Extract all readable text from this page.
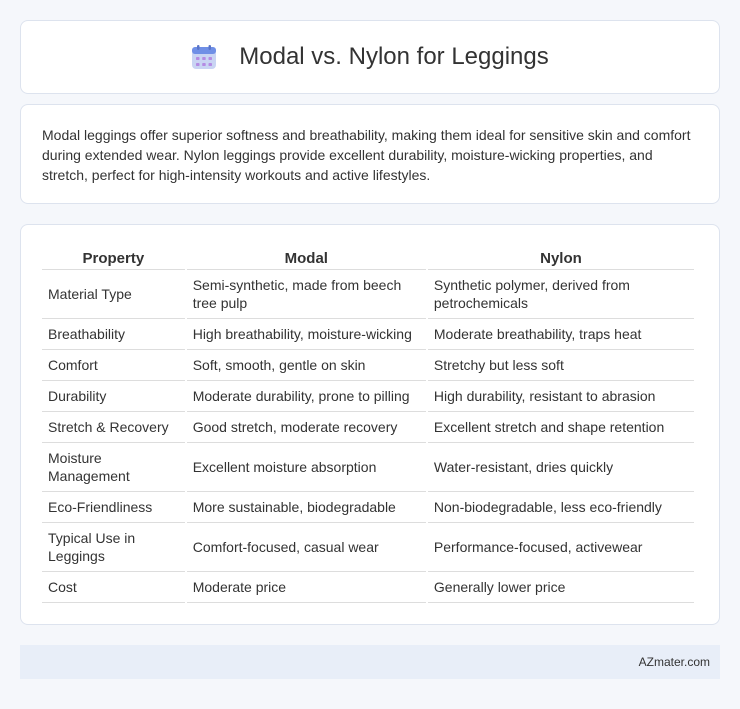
Modal vs. Nylon for Leggings

Modal leggings offer superior softness and breathability, making them ideal for sensitive skin and comfort during extended wear. Nylon leggings provide excellent durability, moisture-wicking properties, and stretch, perfect for high-intensity workouts and active lifestyles.

Property	Modal	Nylon
Material Type	Semi-synthetic, made from beech tree pulp	Synthetic polymer, derived from petrochemicals
Breathability	High breathability, moisture-wicking	Moderate breathability, traps heat
Comfort	Soft, smooth, gentle on skin	Stretchy but less soft
Durability	Moderate durability, prone to pilling	High durability, resistant to abrasion
Stretch & Recovery	Good stretch, moderate recovery	Excellent stretch and shape retention
Moisture Management	Excellent moisture absorption	Water-resistant, dries quickly
Eco-Friendliness	More sustainable, biodegradable	Non-biodegradable, less eco-friendly
Typical Use in Leggings	Comfort-focused, casual wear	Performance-focused, activewear
Cost	Moderate price	Generally lower price
AZmater.com
